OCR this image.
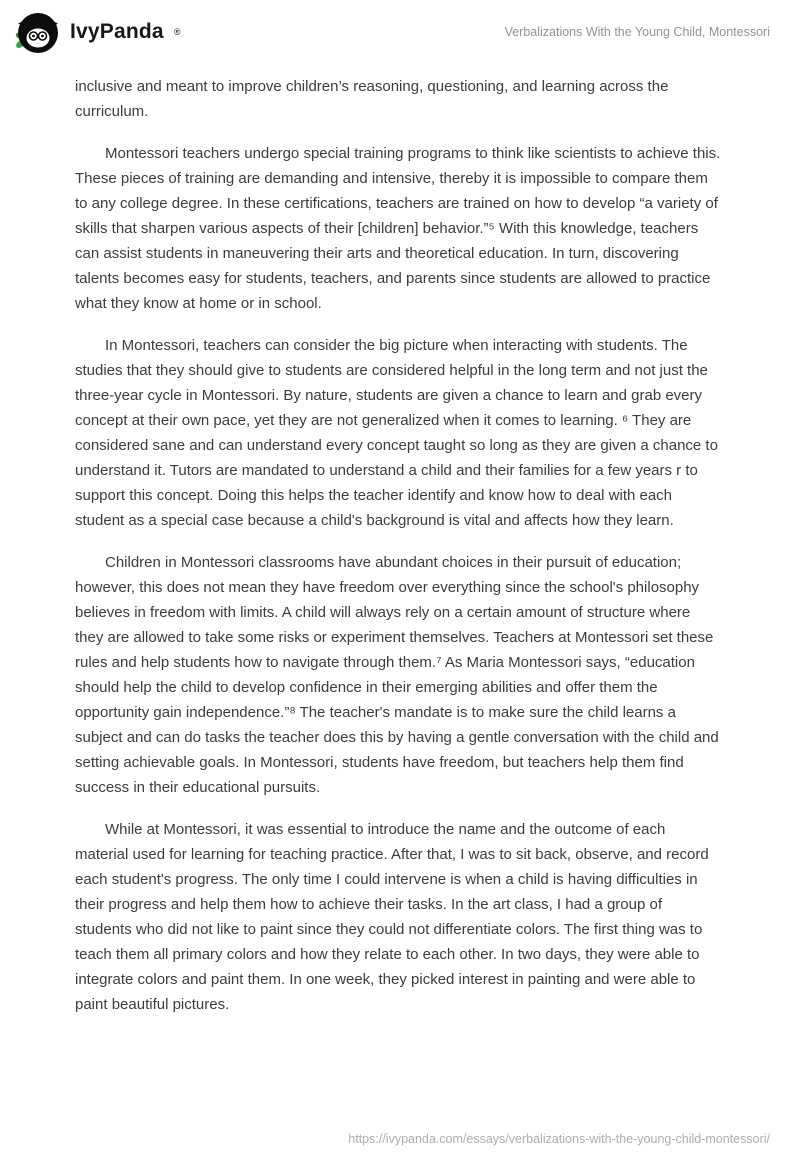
IvyPanda ®	Verbalizations With the Young Child, Montessori

inclusive and meant to improve children’s reasoning, questioning, and learning across the curriculum.

Montessori teachers undergo special training programs to think like scientists to achieve this. These pieces of training are demanding and intensive, thereby it is impossible to compare them to any college degree. In these certifications, teachers are trained on how to develop “a variety of skills that sharpen various aspects of their [children] behavior.”⁵ With this knowledge, teachers can assist students in maneuvering their arts and theoretical education. In turn, discovering talents becomes easy for students, teachers, and parents since students are allowed to practice what they know at home or in school.

In Montessori, teachers can consider the big picture when interacting with students. The studies that they should give to students are considered helpful in the long term and not just the three-year cycle in Montessori. By nature, students are given a chance to learn and grab every concept at their own pace, yet they are not generalized when it comes to learning. ⁶ They are considered sane and can understand every concept taught so long as they are given a chance to understand it. Tutors are mandated to understand a child and their families for a few years r to support this concept. Doing this helps the teacher identify and know how to deal with each student as a special case because a child's background is vital and affects how they learn.

Children in Montessori classrooms have abundant choices in their pursuit of education; however, this does not mean they have freedom over everything since the school's philosophy believes in freedom with limits. A child will always rely on a certain amount of structure where they are allowed to take some risks or experiment themselves. Teachers at Montessori set these rules and help students how to navigate through them.⁷ As Maria Montessori says, “education should help the child to develop confidence in their emerging abilities and offer them the opportunity gain independence.”⁸ The teacher's mandate is to make sure the child learns a subject and can do tasks the teacher does this by having a gentle conversation with the child and setting achievable goals. In Montessori, students have freedom, but teachers help them find success in their educational pursuits.

While at Montessori, it was essential to introduce the name and the outcome of each material used for learning for teaching practice. After that, I was to sit back, observe, and record each student's progress. The only time I could intervene is when a child is having difficulties in their progress and help them how to achieve their tasks. In the art class, I had a group of students who did not like to paint since they could not differentiate colors. The first thing was to teach them all primary colors and how they relate to each other. In two days, they were able to integrate colors and paint them. In one week, they picked interest in painting and were able to paint beautiful pictures.

https://ivypanda.com/essays/verbalizations-with-the-young-child-montessori/
